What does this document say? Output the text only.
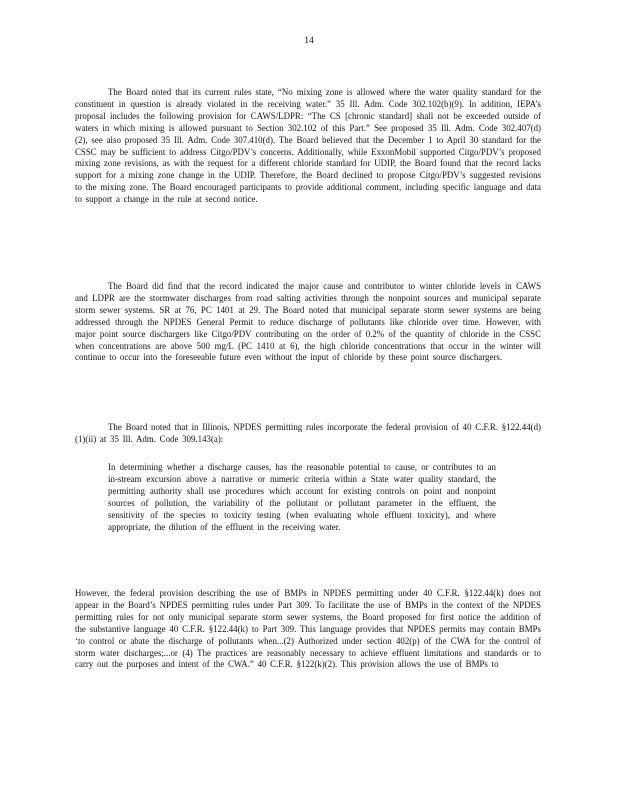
14

The Board noted that its current rules state, “No mixing zone is allowed where the water quality standard for the constituent in question is already violated in the receiving water.” 35 Ill. Adm. Code 302.102(b)(9). In addition, IEPA’s proposal includes the following provision for CAWS/LDPR: “The CS [chronic standard] shall not be exceeded outside of waters in which mixing is allowed pursuant to Section 302.102 of this Part.” See proposed 35 Ill. Adm. Code 302.407(d)(2), see also proposed 35 Ill. Adm. Code 307.410(d). The Board believed that the December 1 to April 30 standard for the CSSC may be sufficient to address Citgo/PDV’s concerns. Additionally, while ExxonMobil supported Citgo/PDV’s proposed mixing zone revisions, as with the request for a different chloride standard for UDIP, the Board found that the record lacks support for a mixing zone change in the UDIP. Therefore, the Board declined to propose Citgo/PDV’s suggested revisions to the mixing zone. The Board encouraged participants to provide additional comment, including specific language and data to support a change in the rule at second notice.

The Board did find that the record indicated the major cause and contributor to winter chloride levels in CAWS and LDPR are the stormwater discharges from road salting activities through the nonpoint sources and municipal separate storm sewer systems. SR at 76, PC 1401 at 29. The Board noted that municipal separate storm sewer systems are being addressed through the NPDES General Permit to reduce discharge of pollutants like chloride over time. However, with major point source dischargers like Citgo/PDV contributing on the order of 0.2% of the quantity of chloride in the CSSC when concentrations are above 500 mg/L (PC 1410 at 6), the high chloride concentrations that occur in the winter will continue to occur into the foreseeable future even without the input of chloride by these point source dischargers.

The Board noted that in Illinois, NPDES permitting rules incorporate the federal provision of 40 C.F.R. §122.44(d)(1)(ii) at 35 Ill. Adm. Code 309.143(a):

In determining whether a discharge causes, has the reasonable potential to cause, or contributes to an in-stream excursion above a narrative or numeric criteria within a State water quality standard, the permitting authority shall use procedures which account for existing controls on point and nonpoint sources of pollution, the variability of the pollutant or pollutant parameter in the effluent, the sensitivity of the species to toxicity testing (when evaluating whole effluent toxicity), and where appropriate, the dilution of the effluent in the receiving water.

However, the federal provision describing the use of BMPs in NPDES permitting under 40 C.F.R. §122.44(k) does not appear in the Board’s NPDES permitting rules under Part 309. To facilitate the use of BMPs in the context of the NPDES permitting rules for not only municipal separate storm sewer systems, the Board proposed for first notice the addition of the substantive language 40 C.F.R. §122.44(k) to Part 309. This language provides that NPDES permits may contain BMPs ‘to control or abate the discharge of pollutants when...(2) Authorized under section 402(p) of the CWA for the control of storm water discharges;...or (4) The practices are reasonably necessary to achieve effluent limitations and standards or to carry out the purposes and intent of the CWA.” 40 C.F.R. §122(k)(2). This provision allows the use of BMPs to
